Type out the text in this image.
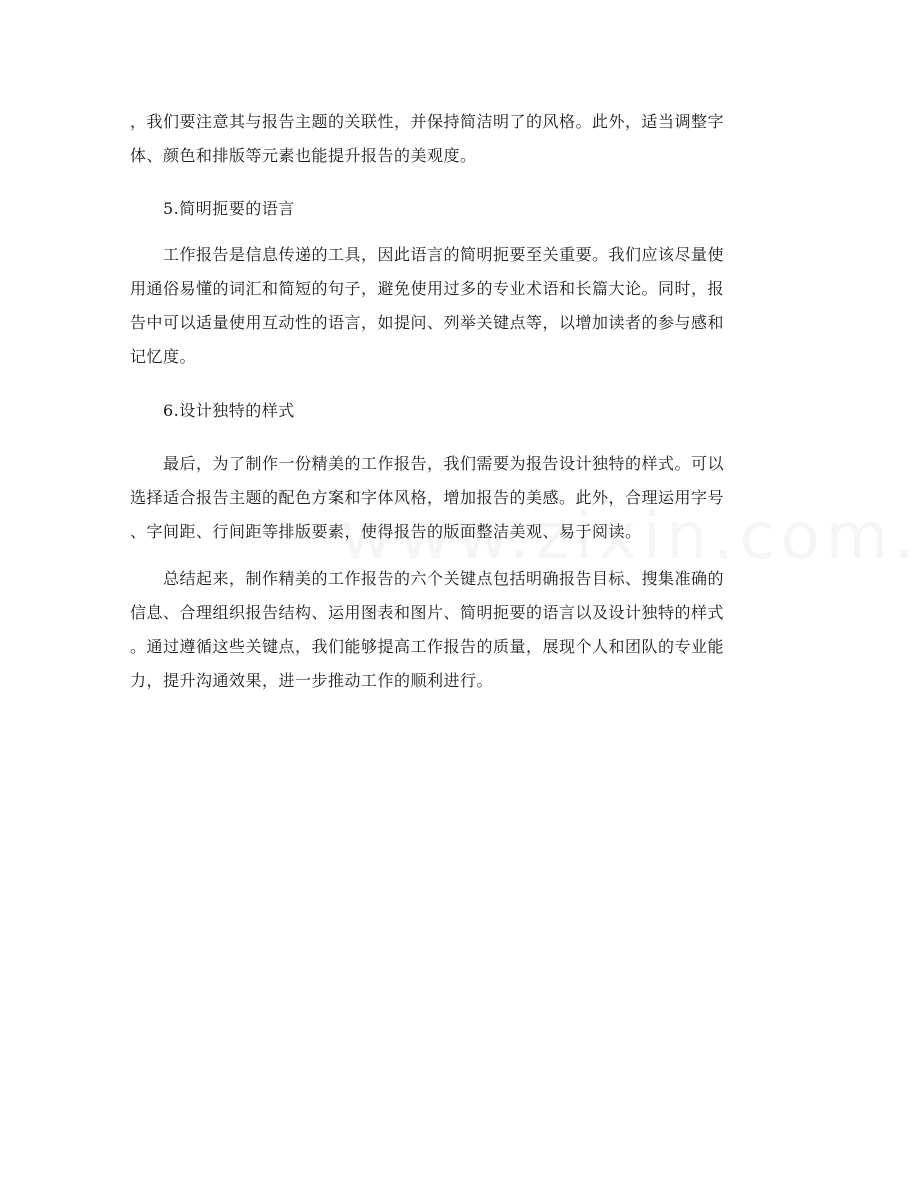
，我们要注意其与报告主题的关联性，并保持简洁明了的风格。此外，适当调整字
体、颜色和排版等元素也能提升报告的美观度。
　　5.简明扼要的语言
　　工作报告是信息传递的工具，因此语言的简明扼要至关重要。我们应该尽量使
用通俗易懂的词汇和简短的句子，避免使用过多的专业术语和长篇大论。同时，报
告中可以适量使用互动性的语言，如提问、列举关键点等，以增加读者的参与感和
记忆度。
　　6.设计独特的样式
　　最后，为了制作一份精美的工作报告，我们需要为报告设计独特的样式。可以
选择适合报告主题的配色方案和字体风格，增加报告的美感。此外，合理运用字号
、字间距、行间距等排版要素，使得报告的版面整洁美观、易于阅读。
　　总结起来，制作精美的工作报告的六个关键点包括明确报告目标、搜集准确的
信息、合理组织报告结构、运用图表和图片、简明扼要的语言以及设计独特的样式
。通过遵循这些关键点，我们能够提高工作报告的质量，展现个人和团队的专业能
力，提升沟通效果，进一步推动工作的顺利进行。
